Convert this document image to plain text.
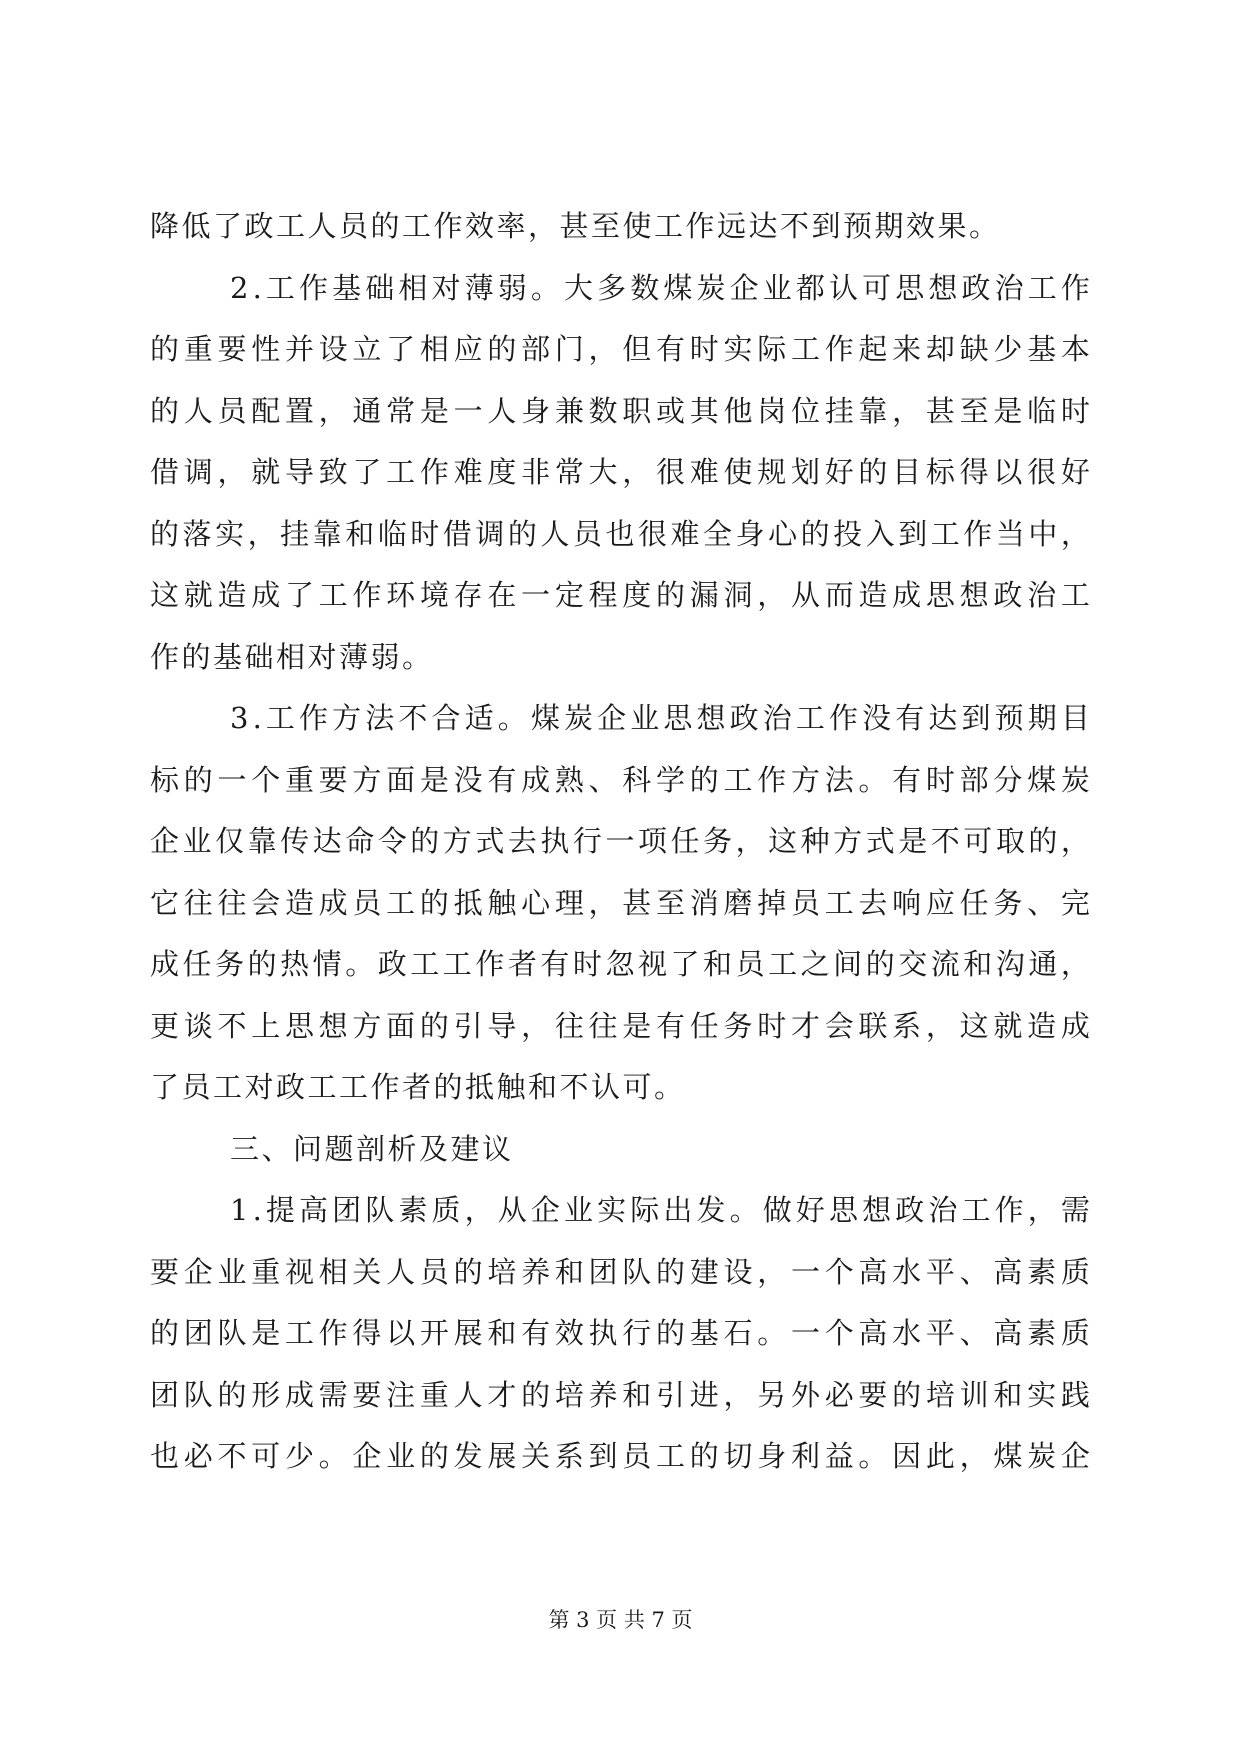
降低了政工人员的工作效率，甚至使工作远达不到预期效果。
2 . 工 作 基 础 相 对 薄 弱 。 大 多 数 煤 炭 企 业 都 认 可 思 想 政 治 工 作
的 重 要 性 并 设 立 了 相 应 的 部 门 ， 但 有 时 实 际 工 作 起 来 却 缺 少 基 本
的 人 员 配 置 ， 通 常 是 一 人 身 兼 数 职 或 其 他 岗 位 挂 靠 ， 甚 至 是 临 时
借 调 ， 就 导 致 了 工 作 难 度 非 常 大 ， 很 难 使 规 划 好 的 目 标 得 以 很 好
的 落 实 ， 挂 靠 和 临 时 借 调 的 人 员 也 很 难 全 身 心 的 投 入 到 工 作 当 中 ，
这 就 造 成 了 工 作 环 境 存 在 一 定 程 度 的 漏 洞 ， 从 而 造 成 思 想 政 治 工
作的基础相对薄弱。
3 . 工 作 方 法 不 合 适 。 煤 炭 企 业 思 想 政 治 工 作 没 有 达 到 预 期 目
标 的 一 个 重 要 方 面 是 没 有 成 熟 、 科 学 的 工 作 方 法 。 有 时 部 分 煤 炭
企 业 仅 靠 传 达 命 令 的 方 式 去 执 行 一 项 任 务 ， 这 种 方 式 是 不 可 取 的 ，
它 往 往 会 造 成 员 工 的 抵 触 心 理 ， 甚 至 消 磨 掉 员 工 去 响 应 任 务 、 完
成 任 务 的 热 情 。 政 工 工 作 者 有 时 忽 视 了 和 员 工 之 间 的 交 流 和 沟 通 ，
更 谈 不 上 思 想 方 面 的 引 导 ， 往 往 是 有 任 务 时 才 会 联 系 ， 这 就 造 成
了员工对政工工作者的抵触和不认可。
三、问题剖析及建议
1 . 提 高 团 队 素 质 ， 从 企 业 实 际 出 发 。 做 好 思 想 政 治 工 作 ， 需
要 企 业 重 视 相 关 人 员 的 培 养 和 团 队 的 建 设 ， 一 个 高 水 平 、 高 素 质
的 团 队 是 工 作 得 以 开 展 和 有 效 执 行 的 基 石 。 一 个 高 水 平 、 高 素 质
团 队 的 形 成 需 要 注 重 人 才 的 培 养 和 引 进 ， 另 外 必 要 的 培 训 和 实 践
也 必 不 可 少 。 企 业 的 发 展 关 系 到 员 工 的 切 身 利 益 。 因 此 ， 煤 炭 企
第 3 页 共 7 页
